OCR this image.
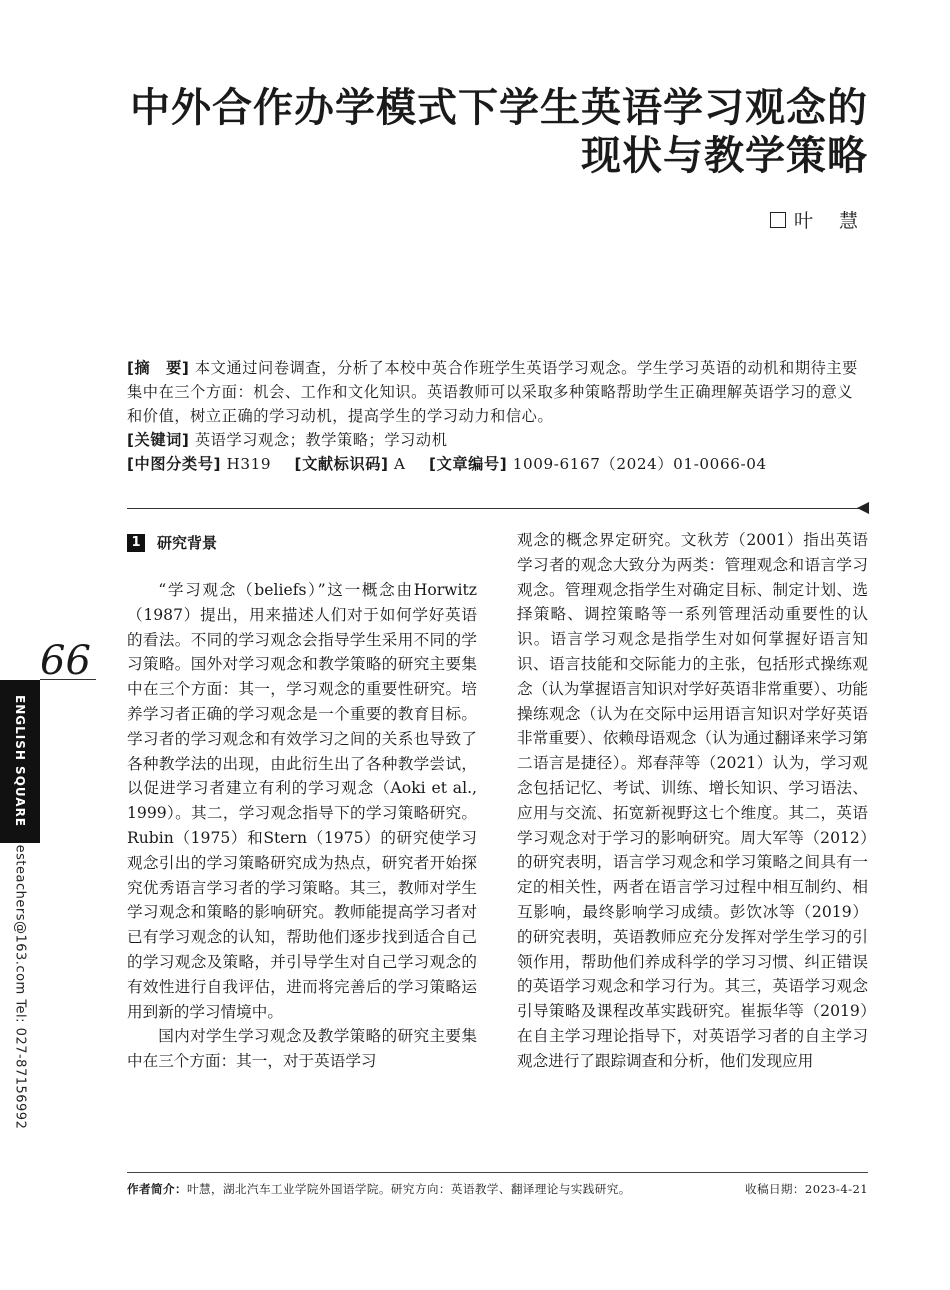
中外合作办学模式下学生英语学习观念的
现状与教学策略
叶 慧

[摘　要] 本文通过问卷调查，分析了本校中英合作班学生英语学习观念。学生学习英语的动机和期待主要集中在三个方面：机会、工作和文化知识。英语教师可以采取多种策略帮助学生正确理解英语学习的意义和价值，树立正确的学习动机，提高学生的学习动力和信心。

[关键词] 英语学习观念；教学策略；学习动机

[中图分类号] H319 [文献标识码] A [文章编号] 1009-6167（2024）01-0066-04

1 研究背景

“学习观念（beliefs）”这一概念由Horwitz（1987）提出，用来描述人们对于如何学好英语的看法。不同的学习观念会指导学生采用不同的学习策略。国外对学习观念和教学策略的研究主要集中在三个方面：其一，学习观念的重要性研究。培养学习者正确的学习观念是一个重要的教育目标。学习者的学习观念和有效学习之间的关系也导致了各种教学法的出现，由此衍生出了各种教学尝试，以促进学习者建立有利的学习观念（Aoki et al., 1999）。其二，学习观念指导下的学习策略研究。Rubin（1975）和Stern（1975）的研究使学习观念引出的学习策略研究成为热点，研究者开始探究优秀语言学习者的学习策略。其三，教师对学生学习观念和策略的影响研究。教师能提高学习者对已有学习观念的认知，帮助他们逐步找到适合自己的学习观念及策略，并引导学生对自己学习观念的有效性进行自我评估，进而将完善后的学习策略运用到新的学习情境中。

国内对学生学习观念及教学策略的研究主要集中在三个方面：其一，对于英语学习

观念的概念界定研究。文秋芳（2001）指出英语学习者的观念大致分为两类：管理观念和语言学习观念。管理观念指学生对确定目标、制定计划、选择策略、调控策略等一系列管理活动重要性的认识。语言学习观念是指学生对如何掌握好语言知识、语言技能和交际能力的主张，包括形式操练观念（认为掌握语言知识对学好英语非常重要）、功能操练观念（认为在交际中运用语言知识对学好英语非常重要）、依赖母语观念（认为通过翻译来学习第二语言是捷径）。郑春萍等（2021）认为，学习观念包括记忆、考试、训练、增长知识、学习语法、应用与交流、拓宽新视野这七个维度。其二，英语学习观念对于学习的影响研究。周大军等（2012）的研究表明，语言学习观念和学习策略之间具有一定的相关性，两者在语言学习过程中相互制约、相互影响，最终影响学习成绩。彭饮冰等（2019）的研究表明，英语教师应充分发挥对学生学习的引领作用，帮助他们养成科学的学习习惯、纠正错误的英语学习观念和学习行为。其三，英语学习观念引导策略及课程改革实践研究。崔振华等（2019）在自主学习理论指导下，对英语学习者的自主学习观念进行了跟踪调查和分析，他们发现应用

66
ENGLISH SQUARE
esteachers@163.com Tel: 027-87156992
作者简介：叶慧，湖北汽车工业学院外国语学院。研究方向：英语教学、翻译理论与实践研究。	收稿日期：2023-4-21
